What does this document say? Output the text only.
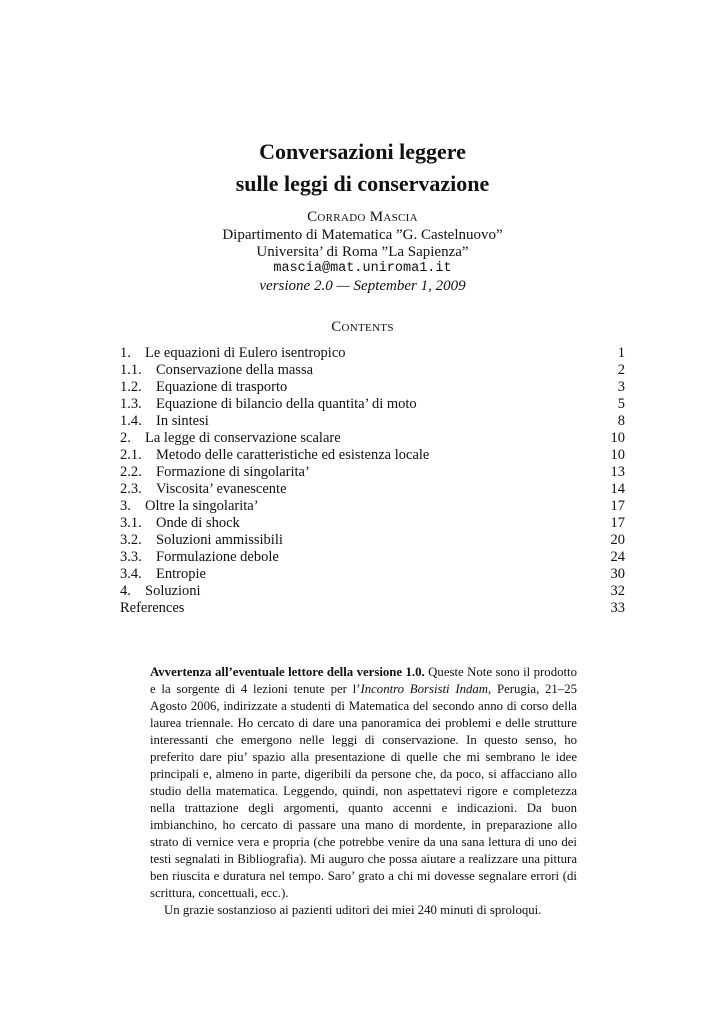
Conversazioni leggere
sulle leggi di conservazione
Corrado Mascia
Dipartimento di Matematica ”G. Castelnuovo”
Universita’ di Roma ”La Sapienza”
mascia@mat.uniroma1.it
versione 2.0 — September 1, 2009
Contents
1. Le equazioni di Eulero isentropico	1
1.1. Conservazione della massa	2
1.2. Equazione di trasporto	3
1.3. Equazione di bilancio della quantita’ di moto	5
1.4. In sintesi	8
2. La legge di conservazione scalare	10
2.1. Metodo delle caratteristiche ed esistenza locale	10
2.2. Formazione di singolarita’	13
2.3. Viscosita’ evanescente	14
3. Oltre la singolarita’	17
3.1. Onde di shock	17
3.2. Soluzioni ammissibili	20
3.3. Formulazione debole	24
3.4. Entropie	30
4. Soluzioni	32
References	33

Avvertenza all’eventuale lettore della versione 1.0. Queste Note sono il prodotto e la sorgente di 4 lezioni tenute per l’Incontro Borsisti Indam, Perugia, 21–25 Agosto 2006, indirizzate a studenti di Matematica del secondo anno di corso della laurea triennale. Ho cercato di dare una panoramica dei problemi e delle strutture interessanti che emergono nelle leggi di conservazione. In questo senso, ho preferito dare piu’ spazio alla presentazione di quelle che mi sembrano le idee principali e, almeno in parte, digeribili da persone che, da poco, si affacciano allo studio della matematica. Leggendo, quindi, non aspettatevi rigore e completezza nella trattazione degli argomenti, quanto accenni e indicazioni. Da buon imbianchino, ho cercato di passare una mano di mordente, in preparazione allo strato di vernice vera e propria (che potrebbe venire da una sana lettura di uno dei testi segnalati in Bibliografia). Mi auguro che possa aiutare a realizzare una pittura ben riuscita e duratura nel tempo. Saro’ grato a chi mi dovesse segnalare errori (di scrittura, concettuali, ecc.).

Un grazie sostanzioso ai pazienti uditori dei miei 240 minuti di sproloqui.
